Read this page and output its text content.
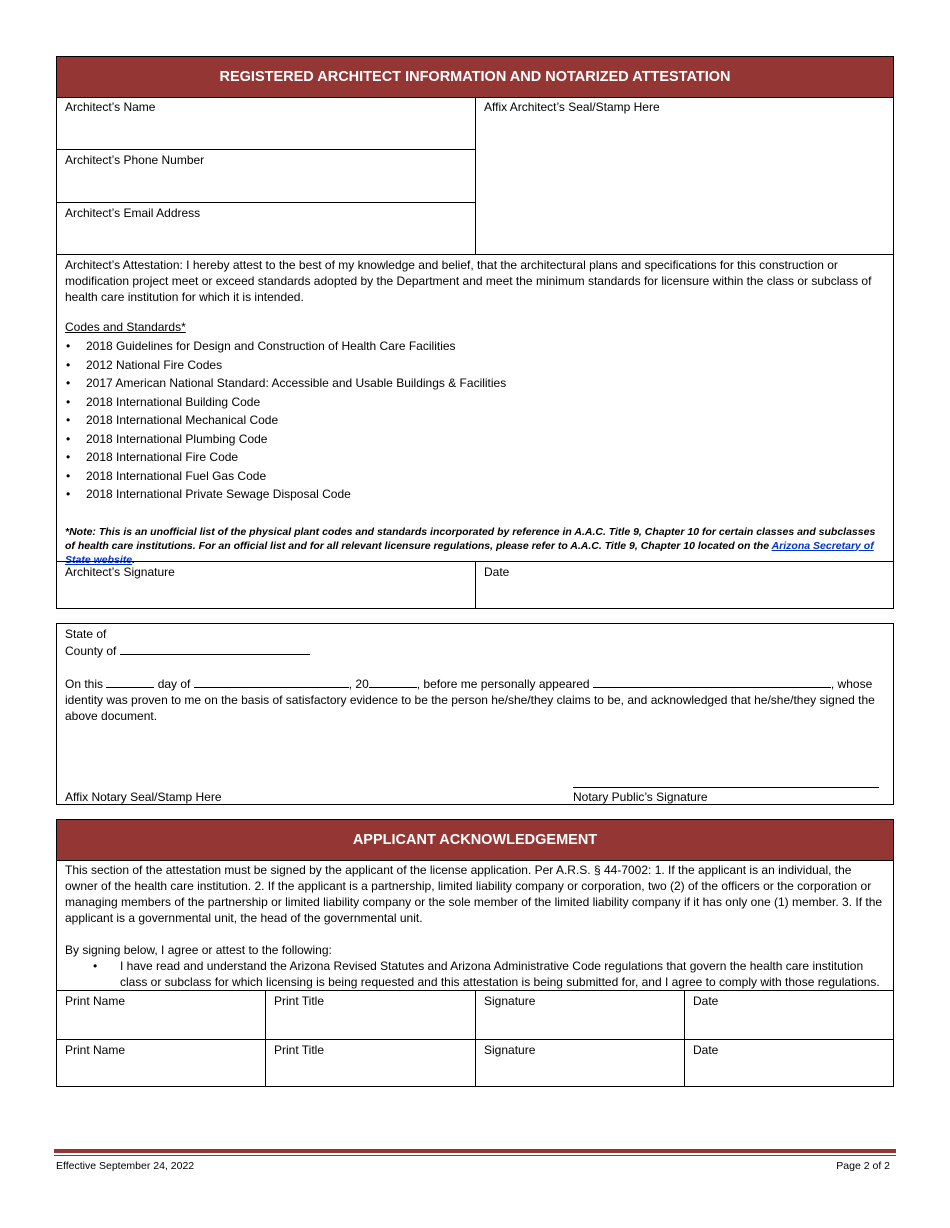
REGISTERED ARCHITECT INFORMATION AND NOTARIZED ATTESTATION

Architect’s Name

Architect’s Phone Number

Architect’s Email Address

Affix Architect’s Seal/Stamp Here

Architect’s Attestation: I hereby attest to the best of my knowledge and belief, that the architectural plans and specifications for this construction or modification project meet or exceed standards adopted by the Department and meet the minimum standards for licensure within the class or subclass of health care institution for which it is intended.

Codes and Standards*

• 2018 Guidelines for Design and Construction of Health Care Facilities
• 2012 National Fire Codes
• 2017 American National Standard: Accessible and Usable Buildings & Facilities
• 2018 International Building Code
• 2018 International Mechanical Code
• 2018 International Plumbing Code
• 2018 International Fire Code
• 2018 International Fuel Gas Code
• 2018 International Private Sewage Disposal Code

*Note: This is an unofficial list of the physical plant codes and standards incorporated by reference in A.A.C. Title 9, Chapter 10 for certain classes and subclasses of health care institutions. For an official list and for all relevant licensure regulations, please refer to A.A.C. Title 9, Chapter 10 located on the Arizona Secretary of State website.

Architect’s Signature	Date

State of

County of

On this	day of	, 20	, before me personally appeared	, whose identity was proven to me on the basis of satisfactory evidence to be the person he/she/they claims to be, and acknowledged that he/she/they signed the above document.

Affix Notary Seal/Stamp Here	Notary Public’s Signature

APPLICANT ACKNOWLEDGEMENT

This section of the attestation must be signed by the applicant of the license application. Per A.R.S. § 44-7002: 1. If the applicant is an individual, the owner of the health care institution. 2. If the applicant is a partnership, limited liability company or corporation, two (2) of the officers or the corporation or managing members of the partnership or limited liability company or the sole member of the limited liability company if it has only one (1) member. 3. If the applicant is a governmental unit, the head of the governmental unit.

By signing below, I agree or attest to the following:

• I have read and understand the Arizona Revised Statutes and Arizona Administrative Code regulations that govern the health care institution class or subclass for which licensing is being requested and this attestation is being submitted for, and I agree to comply with those regulations.

Print Name	Print Title	Signature	Date

Print Name	Print Title	Signature	Date

Effective September 24, 2022	Page 2 of 2
